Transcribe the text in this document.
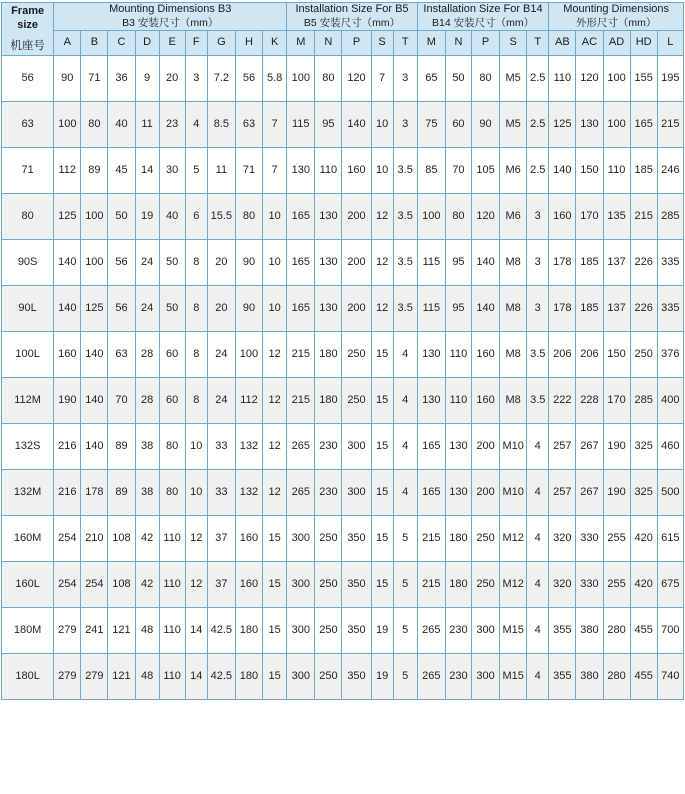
Frame size
机座号	Mounting Dimensions B3
B3 安装尺寸（mm）									Installation Size For B5
B5 安装尺寸（mm）					Installation Size For B14
B14 安装尺寸（mm）					Mounting Dimensions
外形尺寸（mm）				

	A	B	C	D	E	F	G	H	K	M	N	P	S	T	M	N	P	S	T	AB	AC	AD	HD	L
56	90	71	36	9	20	3	7.2	56	5.8	100	80	120	7	3	65	50	80	M5	2.5	110	120	100	155	195
63	100	80	40	11	23	4	8.5	63	7	115	95	140	10	3	75	60	90	M5	2.5	125	130	100	165	215
71	112	89	45	14	30	5	11	71	7	130	110	160	10	3.5	85	70	105	M6	2.5	140	150	110	185	246
80	125	100	50	19	40	6	15.5	80	10	165	130	200	12	3.5	100	80	120	M6	3	160	170	135	215	285
90S	140	100	56	24	50	8	20	90	10	165	130	200	12	3.5	115	95	140	M8	3	178	185	137	226	335
90L	140	125	56	24	50	8	20	90	10	165	130	200	12	3.5	115	95	140	M8	3	178	185	137	226	335
100L	160	140	63	28	60	8	24	100	12	215	180	250	15	4	130	110	160	M8	3.5	206	206	150	250	376
112M	190	140	70	28	60	8	24	112	12	215	180	250	15	4	130	110	160	M8	3.5	222	228	170	285	400
132S	216	140	89	38	80	10	33	132	12	265	230	300	15	4	165	130	200	M10	4	257	267	190	325	460
132M	216	178	89	38	80	10	33	132	12	265	230	300	15	4	165	130	200	M10	4	257	267	190	325	500
160M	254	210	108	42	110	12	37	160	15	300	250	350	15	5	215	180	250	M12	4	320	330	255	420	615
160L	254	254	108	42	110	12	37	160	15	300	250	350	15	5	215	180	250	M12	4	320	330	255	420	675
180M	279	241	121	48	110	14	42.5	180	15	300	250	350	19	5	265	230	300	M15	4	355	380	280	455	700
180L	279	279	121	48	110	14	42.5	180	15	300	250	350	19	5	265	230	300	M15	4	355	380	280	455	740
